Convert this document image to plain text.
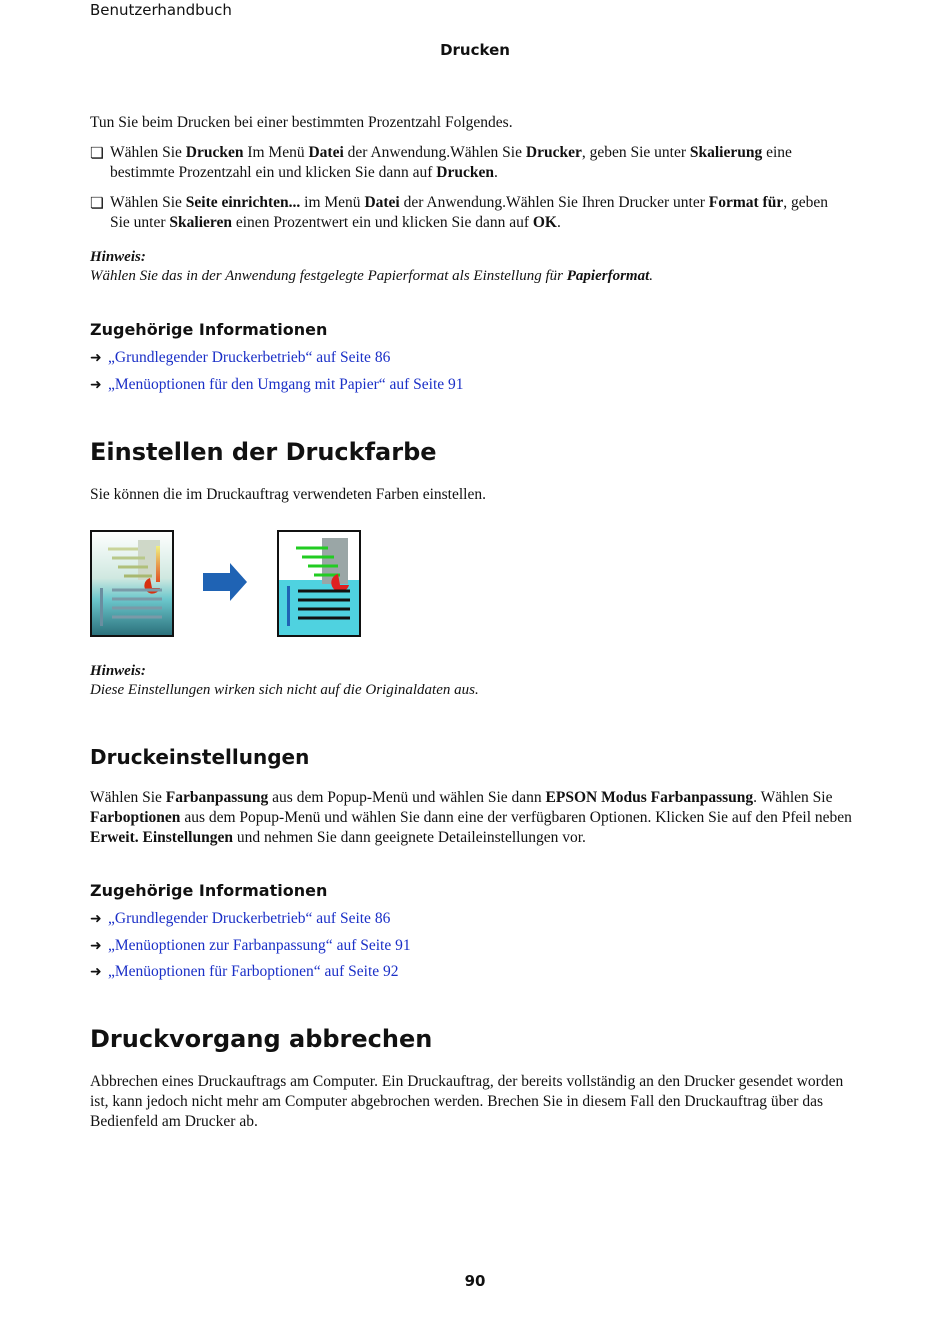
Benutzerhandbuch
Drucken
Tun Sie beim Drucken bei einer bestimmten Prozentzahl Folgendes.
❏ Wählen Sie Drucken Im Menü Datei der Anwendung.Wählen Sie Drucker, geben Sie unter Skalierung eine bestimmte Prozentzahl ein und klicken Sie dann auf Drucken.
❏ Wählen Sie Seite einrichten... im Menü Datei der Anwendung.Wählen Sie Ihren Drucker unter Format für, geben Sie unter Skalieren einen Prozentwert ein und klicken Sie dann auf OK.
Hinweis:
Wählen Sie das in der Anwendung festgelegte Papierformat als Einstellung für Papierformat.
Zugehörige Informationen
➜ „Grundlegender Druckerbetrieb“ auf Seite 86
➜ „Menüoptionen für den Umgang mit Papier“ auf Seite 91
Einstellen der Druckfarbe
Sie können die im Druckauftrag verwendeten Farben einstellen.
Hinweis:
Diese Einstellungen wirken sich nicht auf die Originaldaten aus.
Druckeinstellungen
Wählen Sie Farbanpassung aus dem Popup-Menü und wählen Sie dann EPSON Modus Farbanpassung. Wählen Sie Farboptionen aus dem Popup-Menü und wählen Sie dann eine der verfügbaren Optionen. Klicken Sie auf den Pfeil neben Erweit. Einstellungen und nehmen Sie dann geeignete Detaileinstellungen vor.
Zugehörige Informationen
➜ „Grundlegender Druckerbetrieb“ auf Seite 86
➜ „Menüoptionen zur Farbanpassung“ auf Seite 91
➜ „Menüoptionen für Farboptionen“ auf Seite 92
Druckvorgang abbrechen
Abbrechen eines Druckauftrags am Computer. Ein Druckauftrag, der bereits vollständig an den Drucker gesendet worden ist, kann jedoch nicht mehr am Computer abgebrochen werden. Brechen Sie in diesem Fall den Druckauftrag über das Bedienfeld am Drucker ab.
90
